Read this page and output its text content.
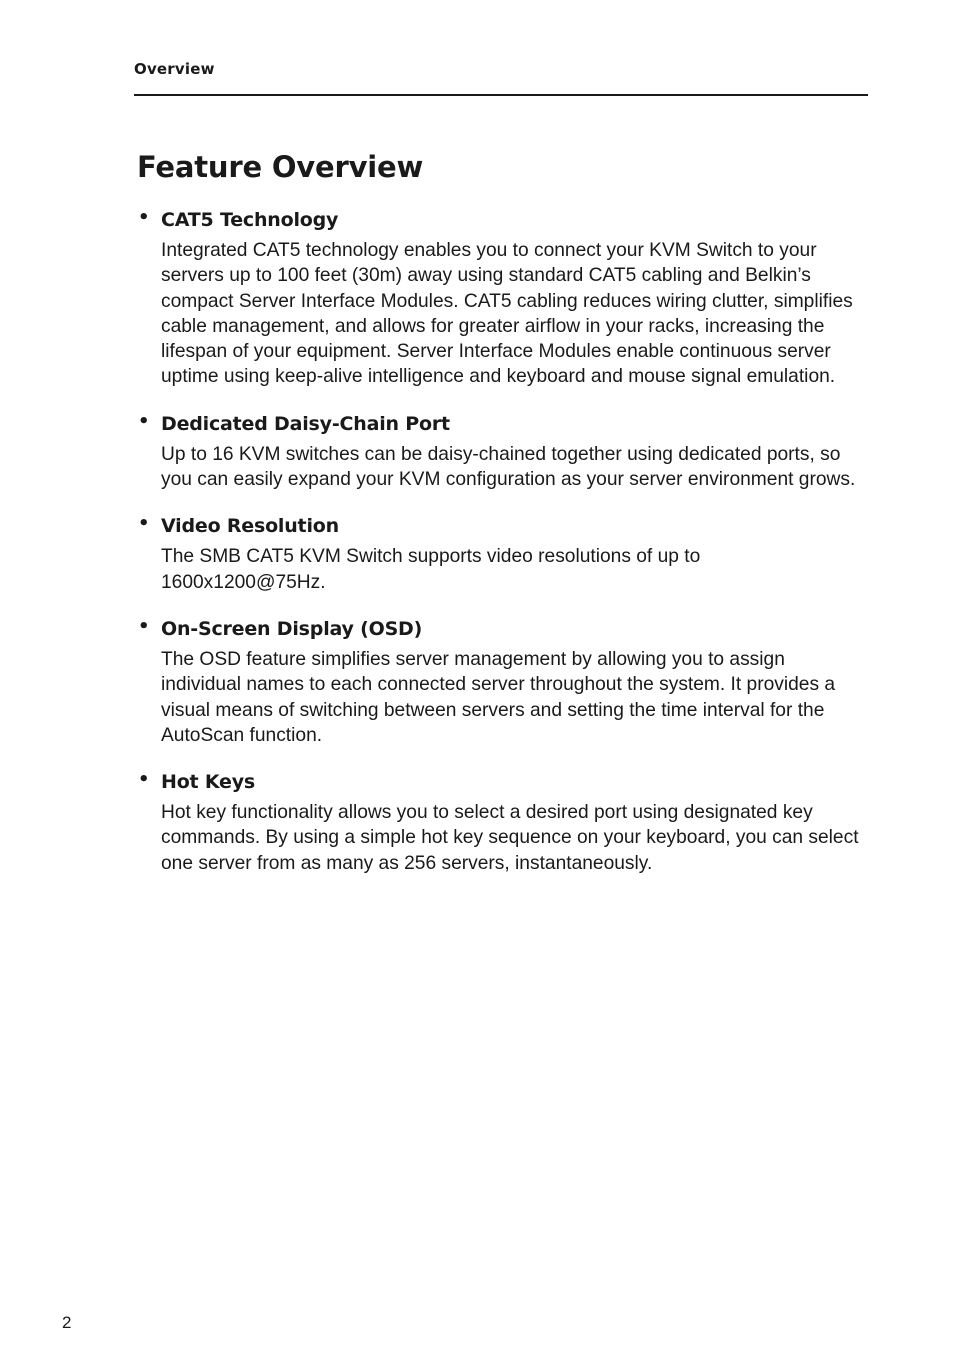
Overview
Feature Overview
• CAT5 Technology
Integrated CAT5 technology enables you to connect your KVM Switch to your servers up to 100 feet (30m) away using standard CAT5 cabling and Belkin’s compact Server Interface Modules. CAT5 cabling reduces wiring clutter, simplifies cable management, and allows for greater airflow in your racks, increasing the lifespan of your equipment. Server Interface Modules enable continuous server uptime using keep-alive intelligence and keyboard and mouse signal emulation.
• Dedicated Daisy-Chain Port
Up to 16 KVM switches can be daisy-chained together using dedicated ports, so you can easily expand your KVM configuration as your server environment grows.
• Video Resolution
The SMB CAT5 KVM Switch supports video resolutions of up to 1600x1200@75Hz.
• On-Screen Display (OSD)
The OSD feature simplifies server management by allowing you to assign individual names to each connected server throughout the system. It provides a visual means of switching between servers and setting the time interval for the AutoScan function.
• Hot Keys
Hot key functionality allows you to select a desired port using designated key commands. By using a simple hot key sequence on your keyboard, you can select one server from as many as 256 servers, instantaneously.
2
